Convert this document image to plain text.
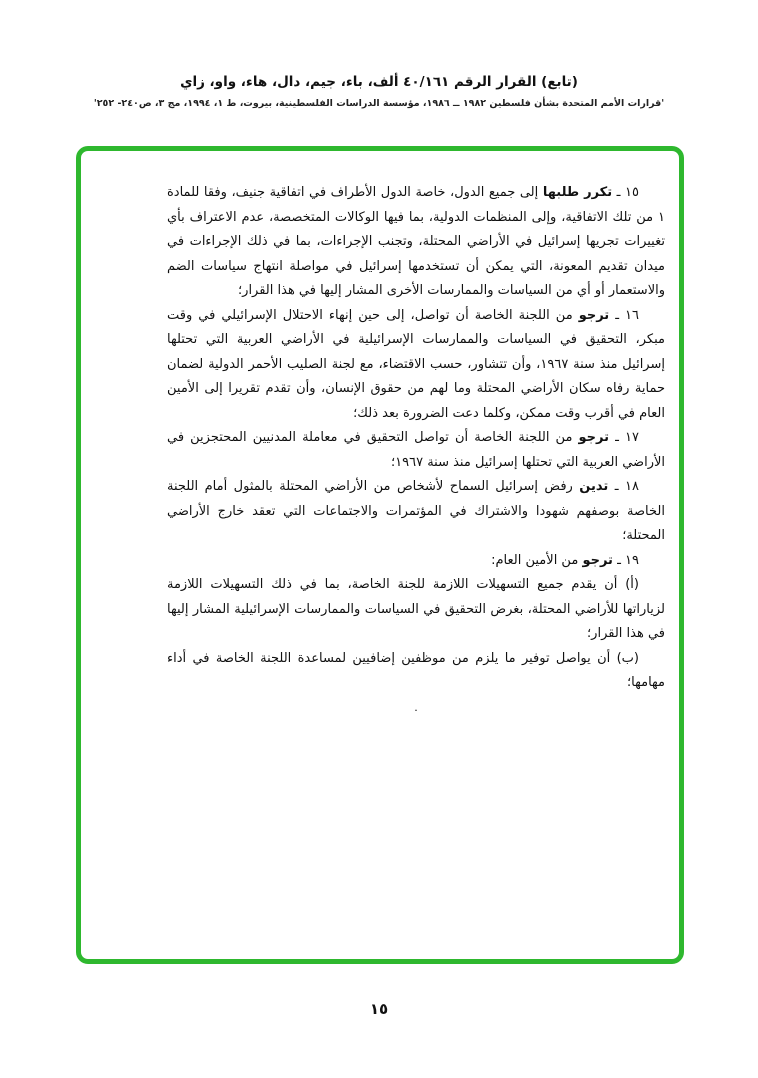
(تابع) القرار الرقم ٤٠/١٦١ ألف، باء، جيم، دال، هاء، واو، زاي
'قرارات الأمم المتحدة بشأن فلسطين ١٩٨٢ ــ ١٩٨٦، مؤسسة الدراسات الفلسطينية، بيروت، ط ١، ١٩٩٤، مج ٣، ص٢٤٠- ٢٥٢'

١٥ ـ تكرر طلبها إلى جميع الدول، خاصة الدول الأطراف في اتفاقية جنيف، وفقا للمادة ١ من تلك الاتفاقية، وإلى المنظمات الدولية، بما فيها الوكالات المتخصصة، عدم الاعتراف بأي تغييرات تجريها إسرائيل في الأراضي المحتلة، وتجنب الإجراءات، بما في ذلك الإجراءات في ميدان تقديم المعونة، التي يمكن أن تستخدمها إسرائيل في مواصلة انتهاج سياسات الضم والاستعمار أو أي من السياسات والممارسات الأخرى المشار إليها في هذا القرار؛

١٦ ـ ترجو من اللجنة الخاصة أن تواصل، إلى حين إنهاء الاحتلال الإسرائيلي في وقت مبكر، التحقيق في السياسات والممارسات الإسرائيلية في الأراضي العربية التي تحتلها إسرائيل منذ سنة ١٩٦٧، وأن تتشاور، حسب الاقتضاء، مع لجنة الصليب الأحمر الدولية لضمان حماية رفاه سكان الأراضي المحتلة وما لهم من حقوق الإنسان، وأن تقدم تقريرا إلى الأمين العام في أقرب وقت ممكن، وكلما دعت الضرورة بعد ذلك؛

١٧ ـ ترجو من اللجنة الخاصة أن تواصل التحقيق في معاملة المدنيين المحتجزين في الأراضي العربية التي تحتلها إسرائيل منذ سنة ١٩٦٧؛

١٨ ـ تدين رفض إسرائيل السماح لأشخاص من الأراضي المحتلة بالمثول أمام اللجنة الخاصة بوصفهم شهودا والاشتراك في المؤتمرات والاجتماعات التي تعقد خارج الأراضي المحتلة؛

١٩ ـ ترجو من الأمين العام:

(أ) أن يقدم جميع التسهيلات اللازمة للجنة الخاصة، بما في ذلك التسهيلات اللازمة لزياراتها للأراضي المحتلة، بغرض التحقيق في السياسات والممارسات الإسرائيلية المشار إليها في هذا القرار؛

(ب) أن يواصل توفير ما يلزم من موظفين إضافيين لمساعدة اللجنة الخاصة في أداء مهامها؛

·
١٥
